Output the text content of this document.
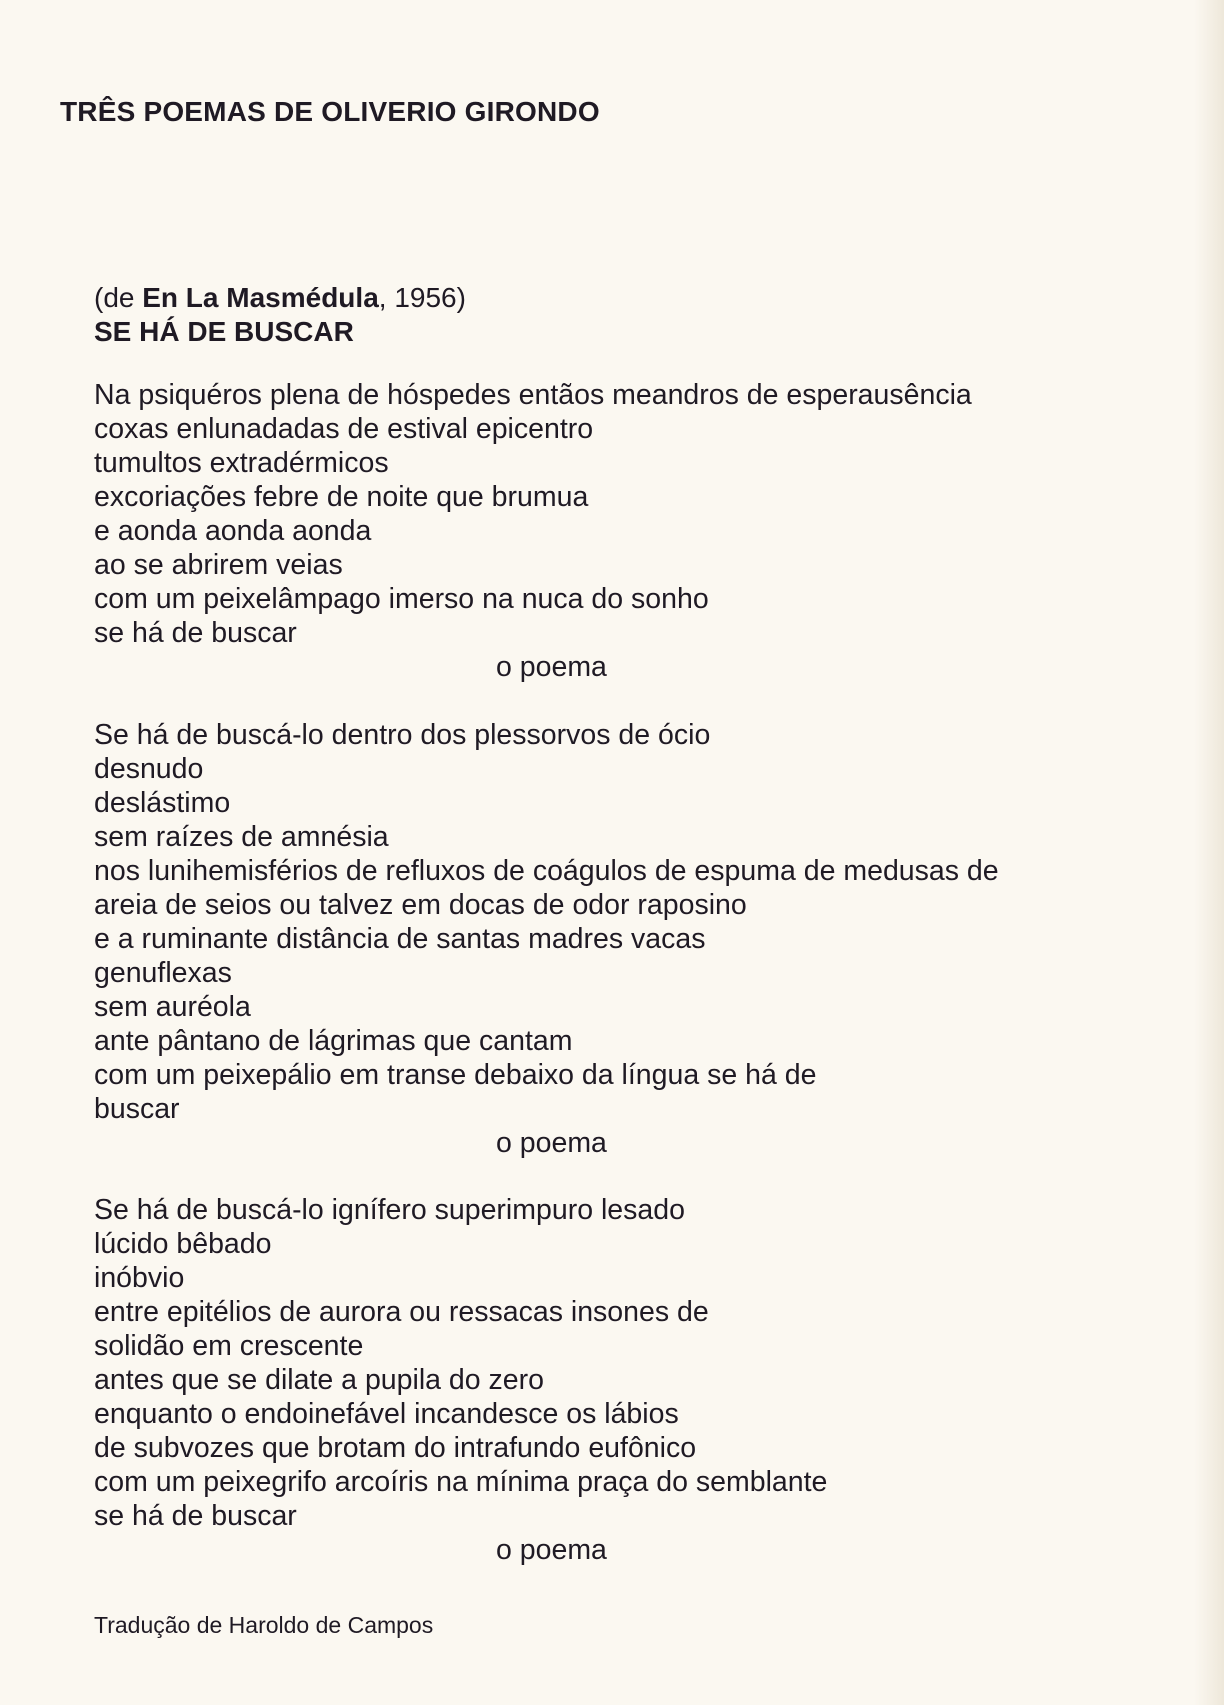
TRÊS POEMAS DE OLIVERIO GIRONDO
(de En La Masmédula, 1956)
SE HÁ DE BUSCAR
Na psiquéros plena de hóspedes entãos meandros de esperausência
coxas enlunadadas de estival epicentro
tumultos extradérmicos
excoriações febre de noite que brumua
e aonda aonda aonda
ao se abrirem veias
com um peixelâmpago imerso na nuca do sonho
se há de buscar
o poema
Se há de buscá-lo dentro dos plessorvos de ócio
desnudo
deslástimo
sem raízes de amnésia
nos lunihemisférios de refluxos de coágulos de espuma de medusas de
areia de seios ou talvez em docas de odor raposino
e a ruminante distância de santas madres vacas
genuflexas
sem auréola
ante pântano de lágrimas que cantam
com um peixepálio em transe debaixo da língua se há de
buscar
o poema
Se há de buscá-lo ignífero superimpuro lesado
lúcido bêbado
inóbvio
entre epitélios de aurora ou ressacas insones de
solidão em crescente
antes que se dilate a pupila do zero
enquanto o endoinefável incandesce os lábios
de subvozes que brotam do intrafundo eufônico
com um peixegrifo arcoíris na mínima praça do semblante
se há de buscar
o poema
Tradução de Haroldo de Campos
